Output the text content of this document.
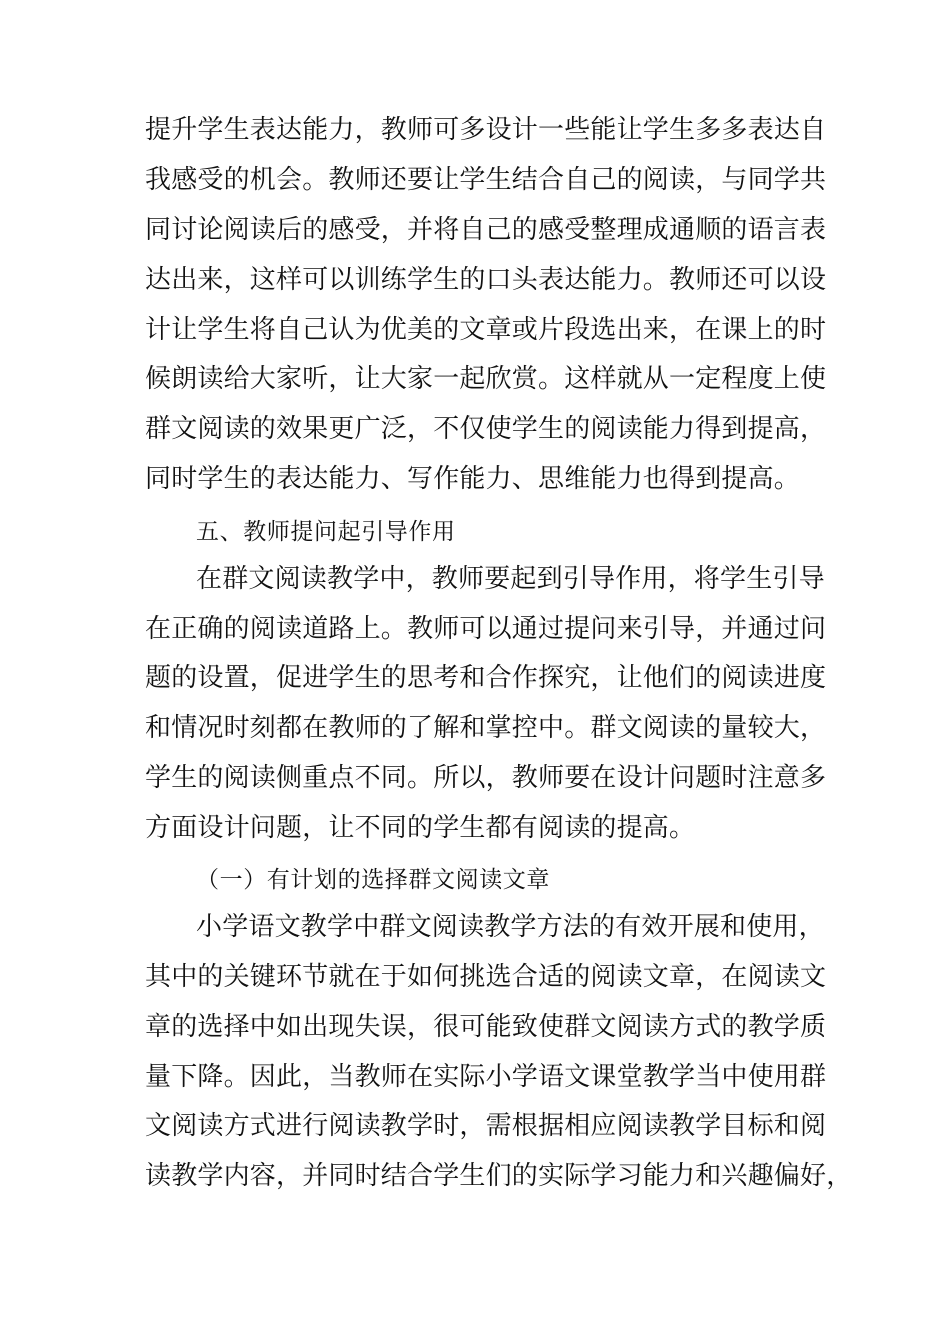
提升学生表达能力，教师可多设计一些能让学生多多表达自
我感受的机会。教师还要让学生结合自己的阅读，与同学共
同讨论阅读后的感受，并将自己的感受整理成通顺的语言表
达出来，这样可以训练学生的口头表达能力。教师还可以设
计让学生将自己认为优美的文章或片段选出来，在课上的时
候朗读给大家听，让大家一起欣赏。这样就从一定程度上使
群文阅读的效果更广泛，不仅使学生的阅读能力得到提高，
同时学生的表达能力、写作能力、思维能力也得到提高。
五、教师提问起引导作用
在群文阅读教学中，教师要起到引导作用，将学生引导
在正确的阅读道路上。教师可以通过提问来引导，并通过问
题的设置，促进学生的思考和合作探究，让他们的阅读进度
和情况时刻都在教师的了解和掌控中。群文阅读的量较大，
学生的阅读侧重点不同。所以，教师要在设计问题时注意多
方面设计问题，让不同的学生都有阅读的提高。
（一）有计划的选择群文阅读文章
小学语文教学中群文阅读教学方法的有效开展和使用，
其中的关键环节就在于如何挑选合适的阅读文章，在阅读文
章的选择中如出现失误，很可能致使群文阅读方式的教学质
量下降。因此，当教师在实际小学语文课堂教学当中使用群
文阅读方式进行阅读教学时，需根据相应阅读教学目标和阅
读教学内容，并同时结合学生们的实际学习能力和兴趣偏好，
